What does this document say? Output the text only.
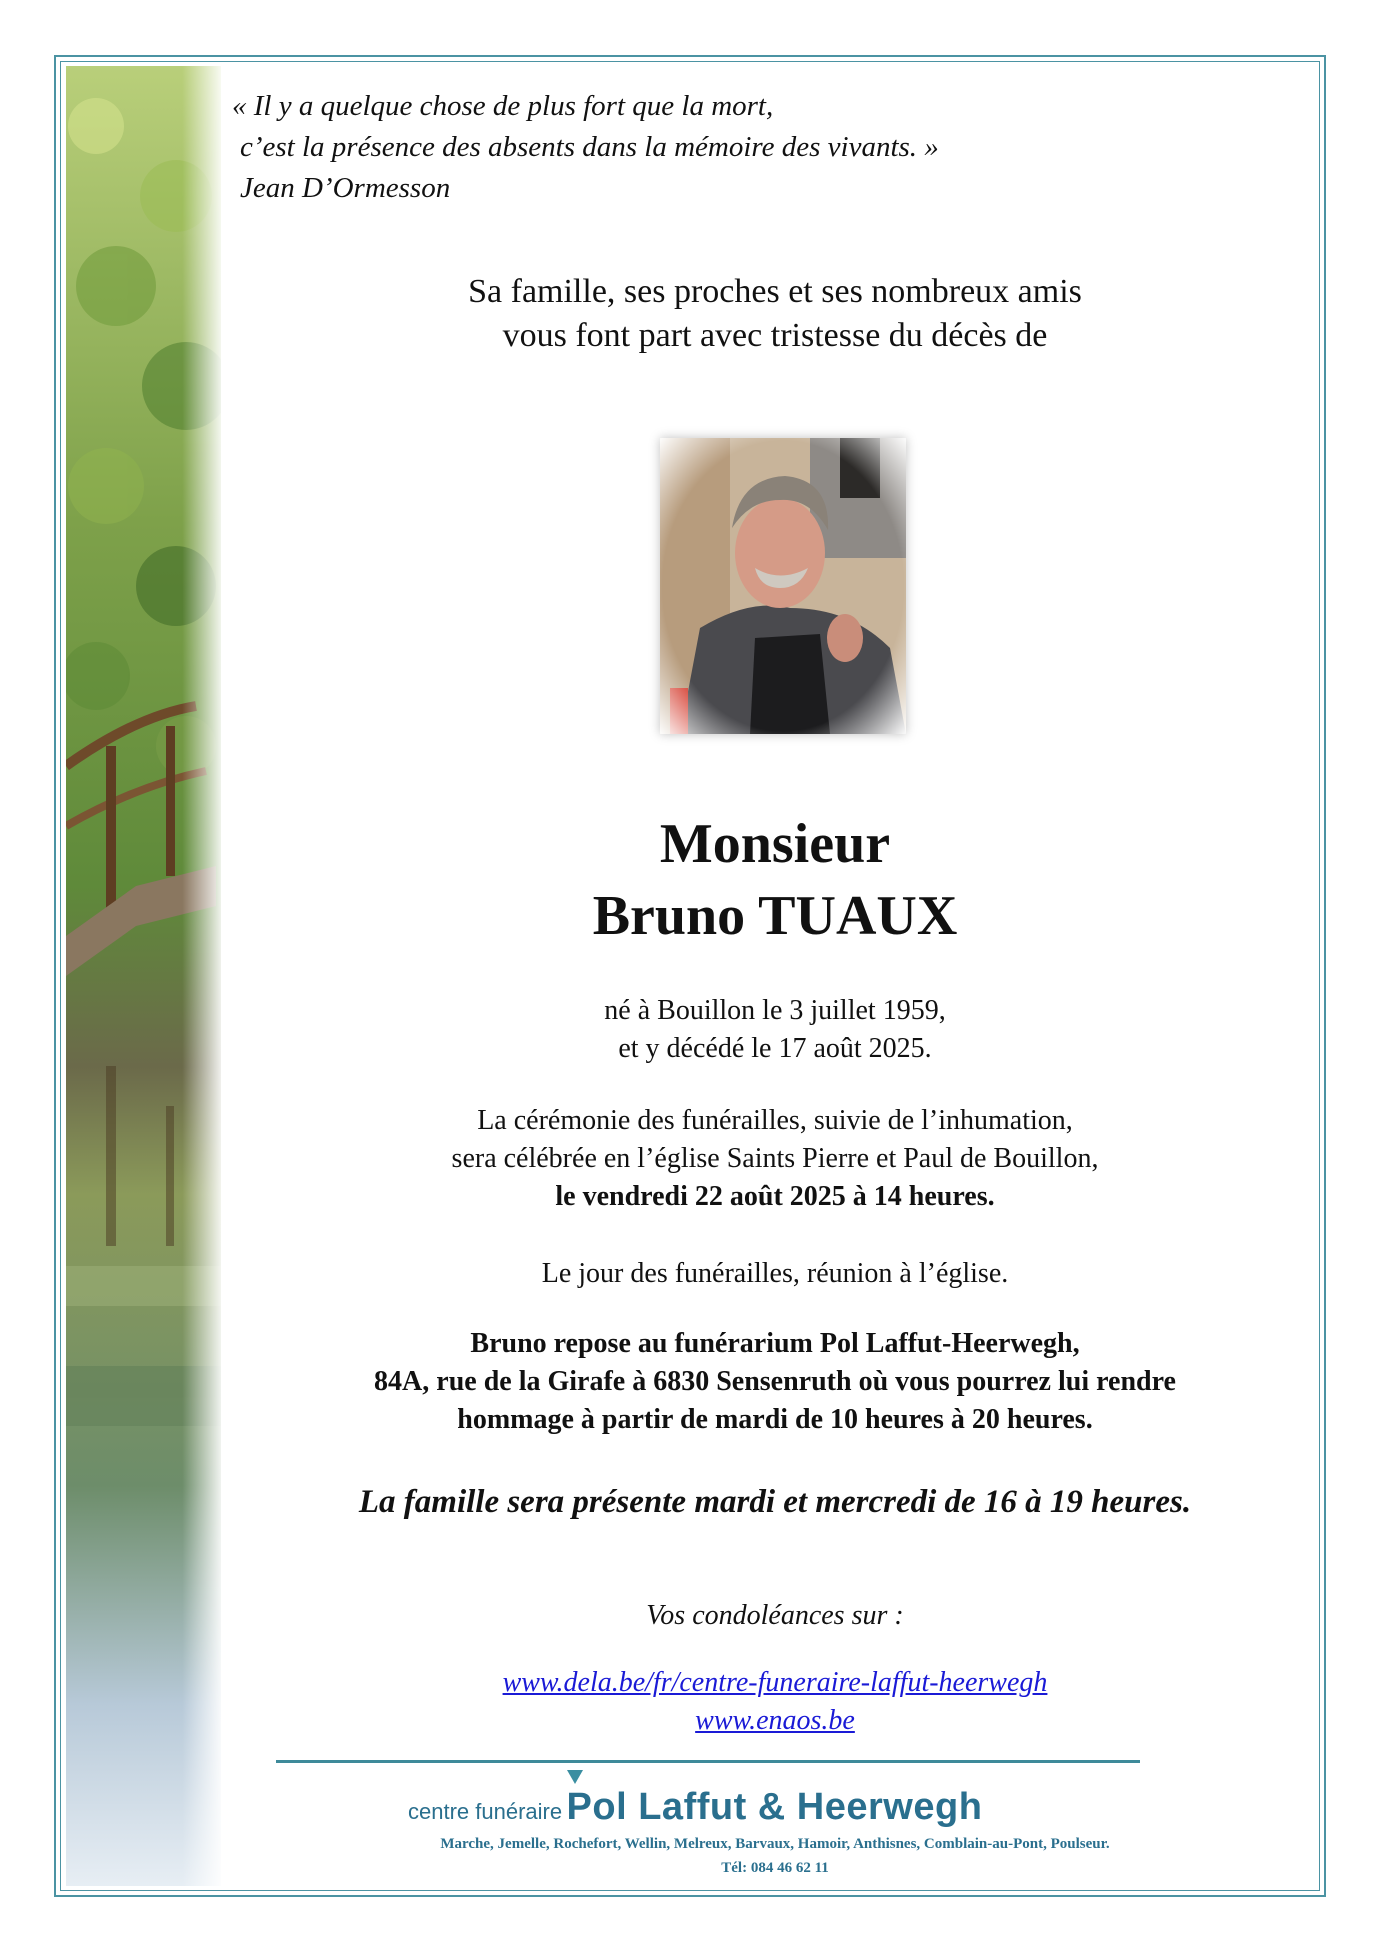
« Il y a quelque chose de plus fort que la mort,
c’est la présence des absents dans la mémoire des vivants. »
Jean D’Ormesson
Sa famille, ses proches et ses nombreux amis
vous font part avec tristesse du décès de
Monsieur
Bruno TUAUX
né à Bouillon le 3 juillet 1959,
et y décédé le 17 août 2025.
La cérémonie des funérailles, suivie de l’inhumation,
sera célébrée en l’église Saints Pierre et Paul de Bouillon,
le vendredi 22 août 2025 à 14 heures.
Le jour des funérailles, réunion à l’église.
Bruno repose au funérarium Pol Laffut-Heerwegh,
84A, rue de la Girafe à 6830 Sensenruth où vous pourrez lui rendre
hommage à partir de mardi de 10 heures à 20 heures.
La famille sera présente mardi et mercredi de 16 à 19 heures.
Vos condoléances sur :
www.dela.be/fr/centre-funeraire-laffut-heerwegh
www.enaos.be
centre funéraire Pol Laffut & Heerwegh
Marche, Jemelle, Rochefort, Wellin, Melreux, Barvaux, Hamoir, Anthisnes, Comblain-au-Pont, Poulseur.
Tél: 084 46 62 11
